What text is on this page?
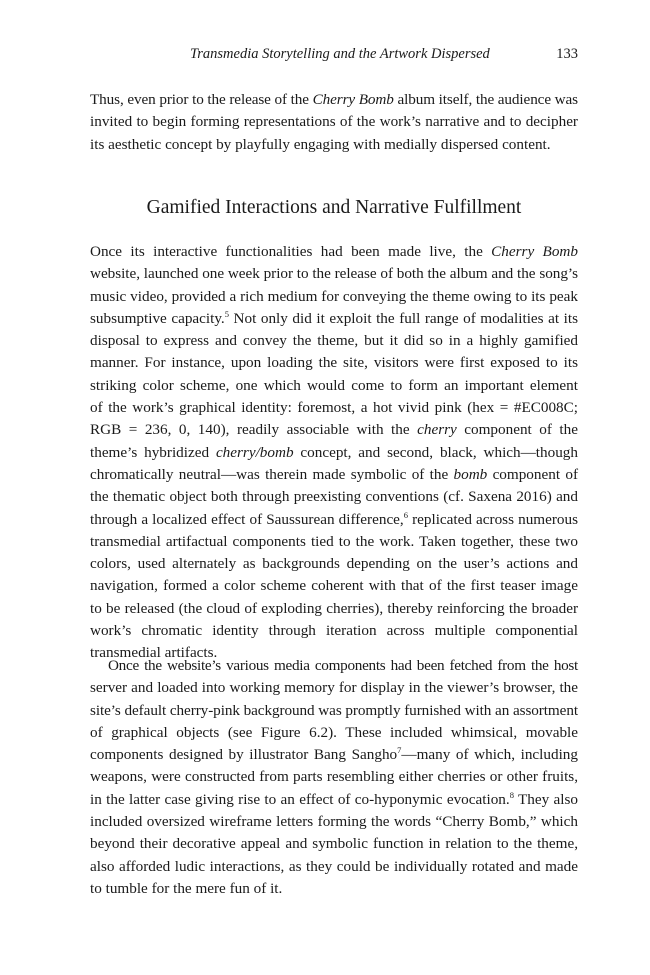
Transmedia Storytelling and the Artwork Dispersed	133
Thus, even prior to the release of the Cherry Bomb album itself, the audience was
invited to begin forming representations of the work’s narrative and to decipher
its aesthetic concept by playfully engaging with medially dispersed content.
Gamified Interactions and Narrative Fulfillment
Once its interactive functionalities had been made live, the Cherry Bomb
website, launched one week prior to the release of both the album and the song’s
music video, provided a rich medium for conveying the theme owing to its peak
subsumptive capacity.$^5$ Not only did it exploit the full range of modalities at its
disposal to express and convey the theme, but it did so in a highly gamified
manner. For instance, upon loading the site, visitors were first exposed to its
striking color scheme, one which would come to form an important element
of the work’s graphical identity: foremost, a hot vivid pink (hex = #EC008C;
RGB = 236, 0, 140), readily associable with the cherry component of the
theme’s hybridized cherry/bomb concept, and second, black, which—though
chromatically neutral—was therein made symbolic of the bomb component of
the thematic object both through preexisting conventions (cf. Saxena 2016) and
through a localized effect of Saussurean difference,$^6$ replicated across numerous
transmedial artifactual components tied to the work. Taken together, these two
colors, used alternately as backgrounds depending on the user’s actions and
navigation, formed a color scheme coherent with that of the first teaser image
to be released (the cloud of exploding cherries), thereby reinforcing the broader
work’s chromatic identity through iteration across multiple componential
transmedial artifacts.
Once the website’s various media components had been fetched from the host
server and loaded into working memory for display in the viewer’s browser, the
site’s default cherry-pink background was promptly furnished with an assortment
of graphical objects (see Figure 6.2). These included whimsical, movable
components designed by illustrator Bang Sangho$^7$—many of which, including
weapons, were constructed from parts resembling either cherries or other fruits,
in the latter case giving rise to an effect of co-hyponymic evocation.$^8$ They also
included oversized wireframe letters forming the words “Cherry Bomb,” which
beyond their decorative appeal and symbolic function in relation to the theme,
also afforded ludic interactions, as they could be individually rotated and made
to tumble for the mere fun of it.
